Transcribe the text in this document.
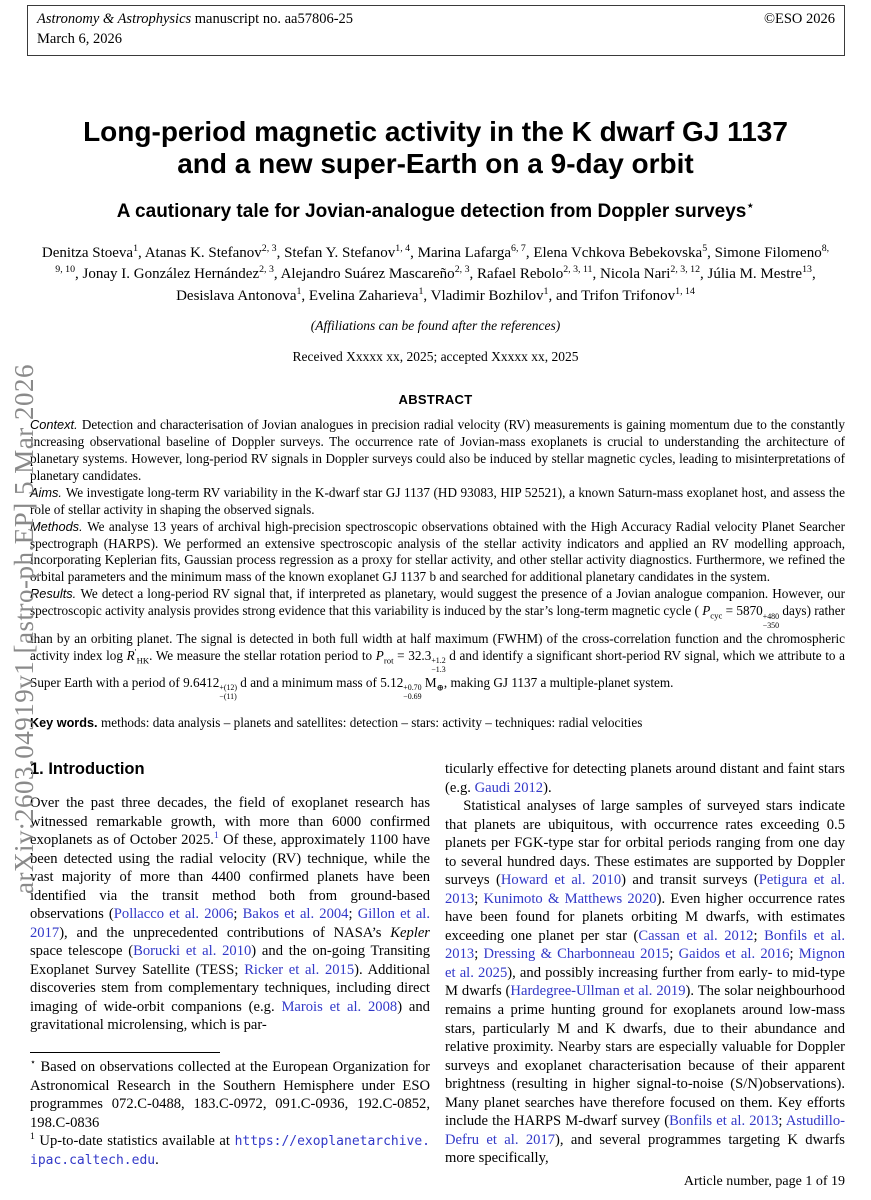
arXiv:2603.04919v1 [astro-ph.EP] 5 Mar 2026
Astronomy & Astrophysics manuscript no. aa57806-25
March 6, 2026
©ESO 2026
Long-period magnetic activity in the K dwarf GJ 1137 and a new super-Earth on a 9-day orbit
A cautionary tale for Jovian-analogue detection from Doppler surveys⋆
Denitza Stoeva$^1$, Atanas K. Stefanov$^{2, 3}$, Stefan Y. Stefanov$^{1, 4}$, Marina Lafarga$^{6, 7}$, Elena Vchkova Bebekovska$^5$, Simone Filomeno$^{8, 9, 10}$, Jonay I. González Hernández$^{2, 3}$, Alejandro Suárez Mascareño$^{2, 3}$, Rafael Rebolo$^{2, 3, 11}$, Nicola Nari$^{2, 3, 12}$, Júlia M. Mestre$^{13}$, Desislava Antonova$^1$, Evelina Zaharieva$^1$, Vladimir Bozhilov$^1$, and Trifon Trifonov$^{1, 14}$
(Affiliations can be found after the references)
Received Xxxxx xx, 2025; accepted Xxxxx xx, 2025
ABSTRACT

Context. Detection and characterisation of Jovian analogues in precision radial velocity (RV) measurements is gaining momentum due to the constantly increasing observational baseline of Doppler surveys. The occurrence rate of Jovian-mass exoplanets is crucial to understanding the architecture of planetary systems. However, long-period RV signals in Doppler surveys could also be induced by stellar magnetic cycles, leading to misinterpretations of planetary candidates.

Aims. We investigate long-term RV variability in the K-dwarf star GJ 1137 (HD 93083, HIP 52521), a known Saturn-mass exoplanet host, and assess the role of stellar activity in shaping the observed signals.

Methods. We analyse 13 years of archival high-precision spectroscopic observations obtained with the High Accuracy Radial velocity Planet Searcher spectrograph (HARPS). We performed an extensive spectroscopic analysis of the stellar activity indicators and applied an RV modelling approach, incorporating Keplerian fits, Gaussian process regression as a proxy for stellar activity, and other stellar activity diagnostics. Furthermore, we refined the orbital parameters and the minimum mass of the known exoplanet GJ 1137 b and searched for additional planetary candidates in the system.

Results. We detect a long-period RV signal that, if interpreted as planetary, would suggest the presence of a Jovian analogue companion. However, our spectroscopic activity analysis provides strong evidence that this variability is induced by the star’s long-term magnetic cycle ( $P_{cyc} = 5870 +480$
−350
days) rather than by an orbiting planet. The signal is detected in both full width at half maximum (FWHM) of the cross-correlation function and the chromospheric activity index $\log R'_{HK}$. We measure the stellar rotation period to $P_{rot} = 32.3 +1.2$
−1.3
d and identify a significant short-period RV signal, which we attribute to a Super Earth with a period of 9.6412 +(12)
−(11)
d and a minimum mass of 5.12 +0.70
−0.69
$M_\oplus$, making GJ 1137 a multiple-planet system.

Key words. methods: data analysis – planets and satellites: detection – stars: activity – techniques: radial velocities
1. Introduction

Over the past three decades, the field of exoplanet research has witnessed remarkable growth, with more than 6000 confirmed exoplanets as of October 2025.$^1$ Of these, approximately 1100 have been detected using the radial velocity (RV) technique, while the vast majority of more than 4400 confirmed planets have been identified via the transit method both from ground-based observations (Pollacco et al. 2006; Bakos et al. 2004; Gillon et al. 2017), and the unprecedented contributions of NASA’s Kepler space telescope (Borucki et al. 2010) and the on-going Transiting Exoplanet Survey Satellite (TESS; Ricker et al. 2015). Additional discoveries stem from complementary techniques, including direct imaging of wide-orbit companions (e.g. Marois et al. 2008) and gravitational microlensing, which is par-

⋆ Based on observations collected at the European Organization for Astronomical Research in the Southern Hemisphere under ESO programmes 072.C-0488, 183.C-0972, 091.C-0936, 192.C-0852, 198.C-0836

$^1$ Up-to-date statistics available at https://exoplanetarchive.ipac.caltech.edu.

ticularly effective for detecting planets around distant and faint stars (e.g. Gaudi 2012).

Statistical analyses of large samples of surveyed stars indicate that planets are ubiquitous, with occurrence rates exceeding 0.5 planets per FGK-type star for orbital periods ranging from one day to several hundred days. These estimates are supported by Doppler surveys (Howard et al. 2010) and transit surveys (Petigura et al. 2013; Kunimoto & Matthews 2020). Even higher occurrence rates have been found for planets orbiting M dwarfs, with estimates exceeding one planet per star (Cassan et al. 2012; Bonfils et al. 2013; Dressing & Charbonneau 2015; Gaidos et al. 2016; Mignon et al. 2025), and possibly increasing further from early- to mid-type M dwarfs (Hardegree-Ullman et al. 2019). The solar neighbourhood remains a prime hunting ground for exoplanets around low-mass stars, particularly M and K dwarfs, due to their abundance and relative proximity. Nearby stars are especially valuable for Doppler surveys and exoplanet characterisation because of their apparent brightness (resulting in higher signal-to-noise (S/N)observations). Many planet searches have therefore focused on them. Key efforts include the HARPS M-dwarf survey (Bonfils et al. 2013; Astudillo-Defru et al. 2017), and several programmes targeting K dwarfs more specifically,

Article number, page 1 of 19
